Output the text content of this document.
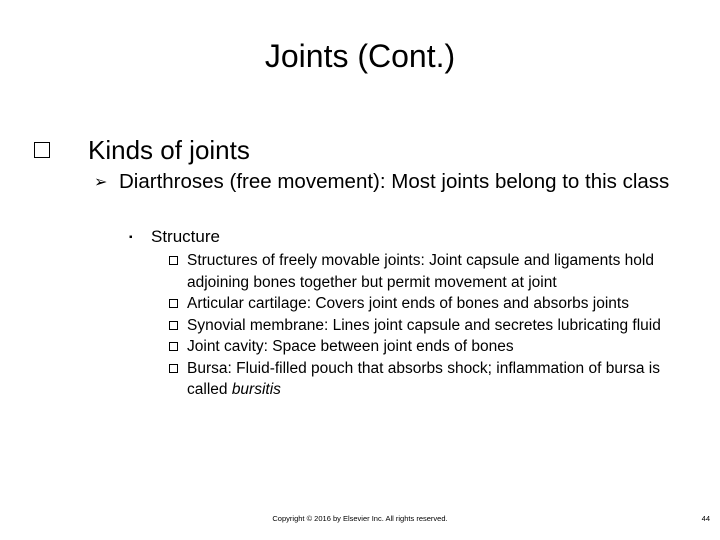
Joints (Cont.)
Kinds of joints
➢ Diarthroses (free movement): Most joints belong to this class
▪ Structure
Structures of freely movable joints: Joint capsule and ligaments hold adjoining bones together but permit movement at joint
Articular cartilage: Covers joint ends of bones and absorbs joints
Synovial membrane: Lines joint capsule and secretes lubricating fluid
Joint cavity: Space between joint ends of bones
Bursa: Fluid-filled pouch that absorbs shock; inflammation of bursa is called bursitis
Copyright © 2016 by Elsevier Inc. All rights reserved.	44
